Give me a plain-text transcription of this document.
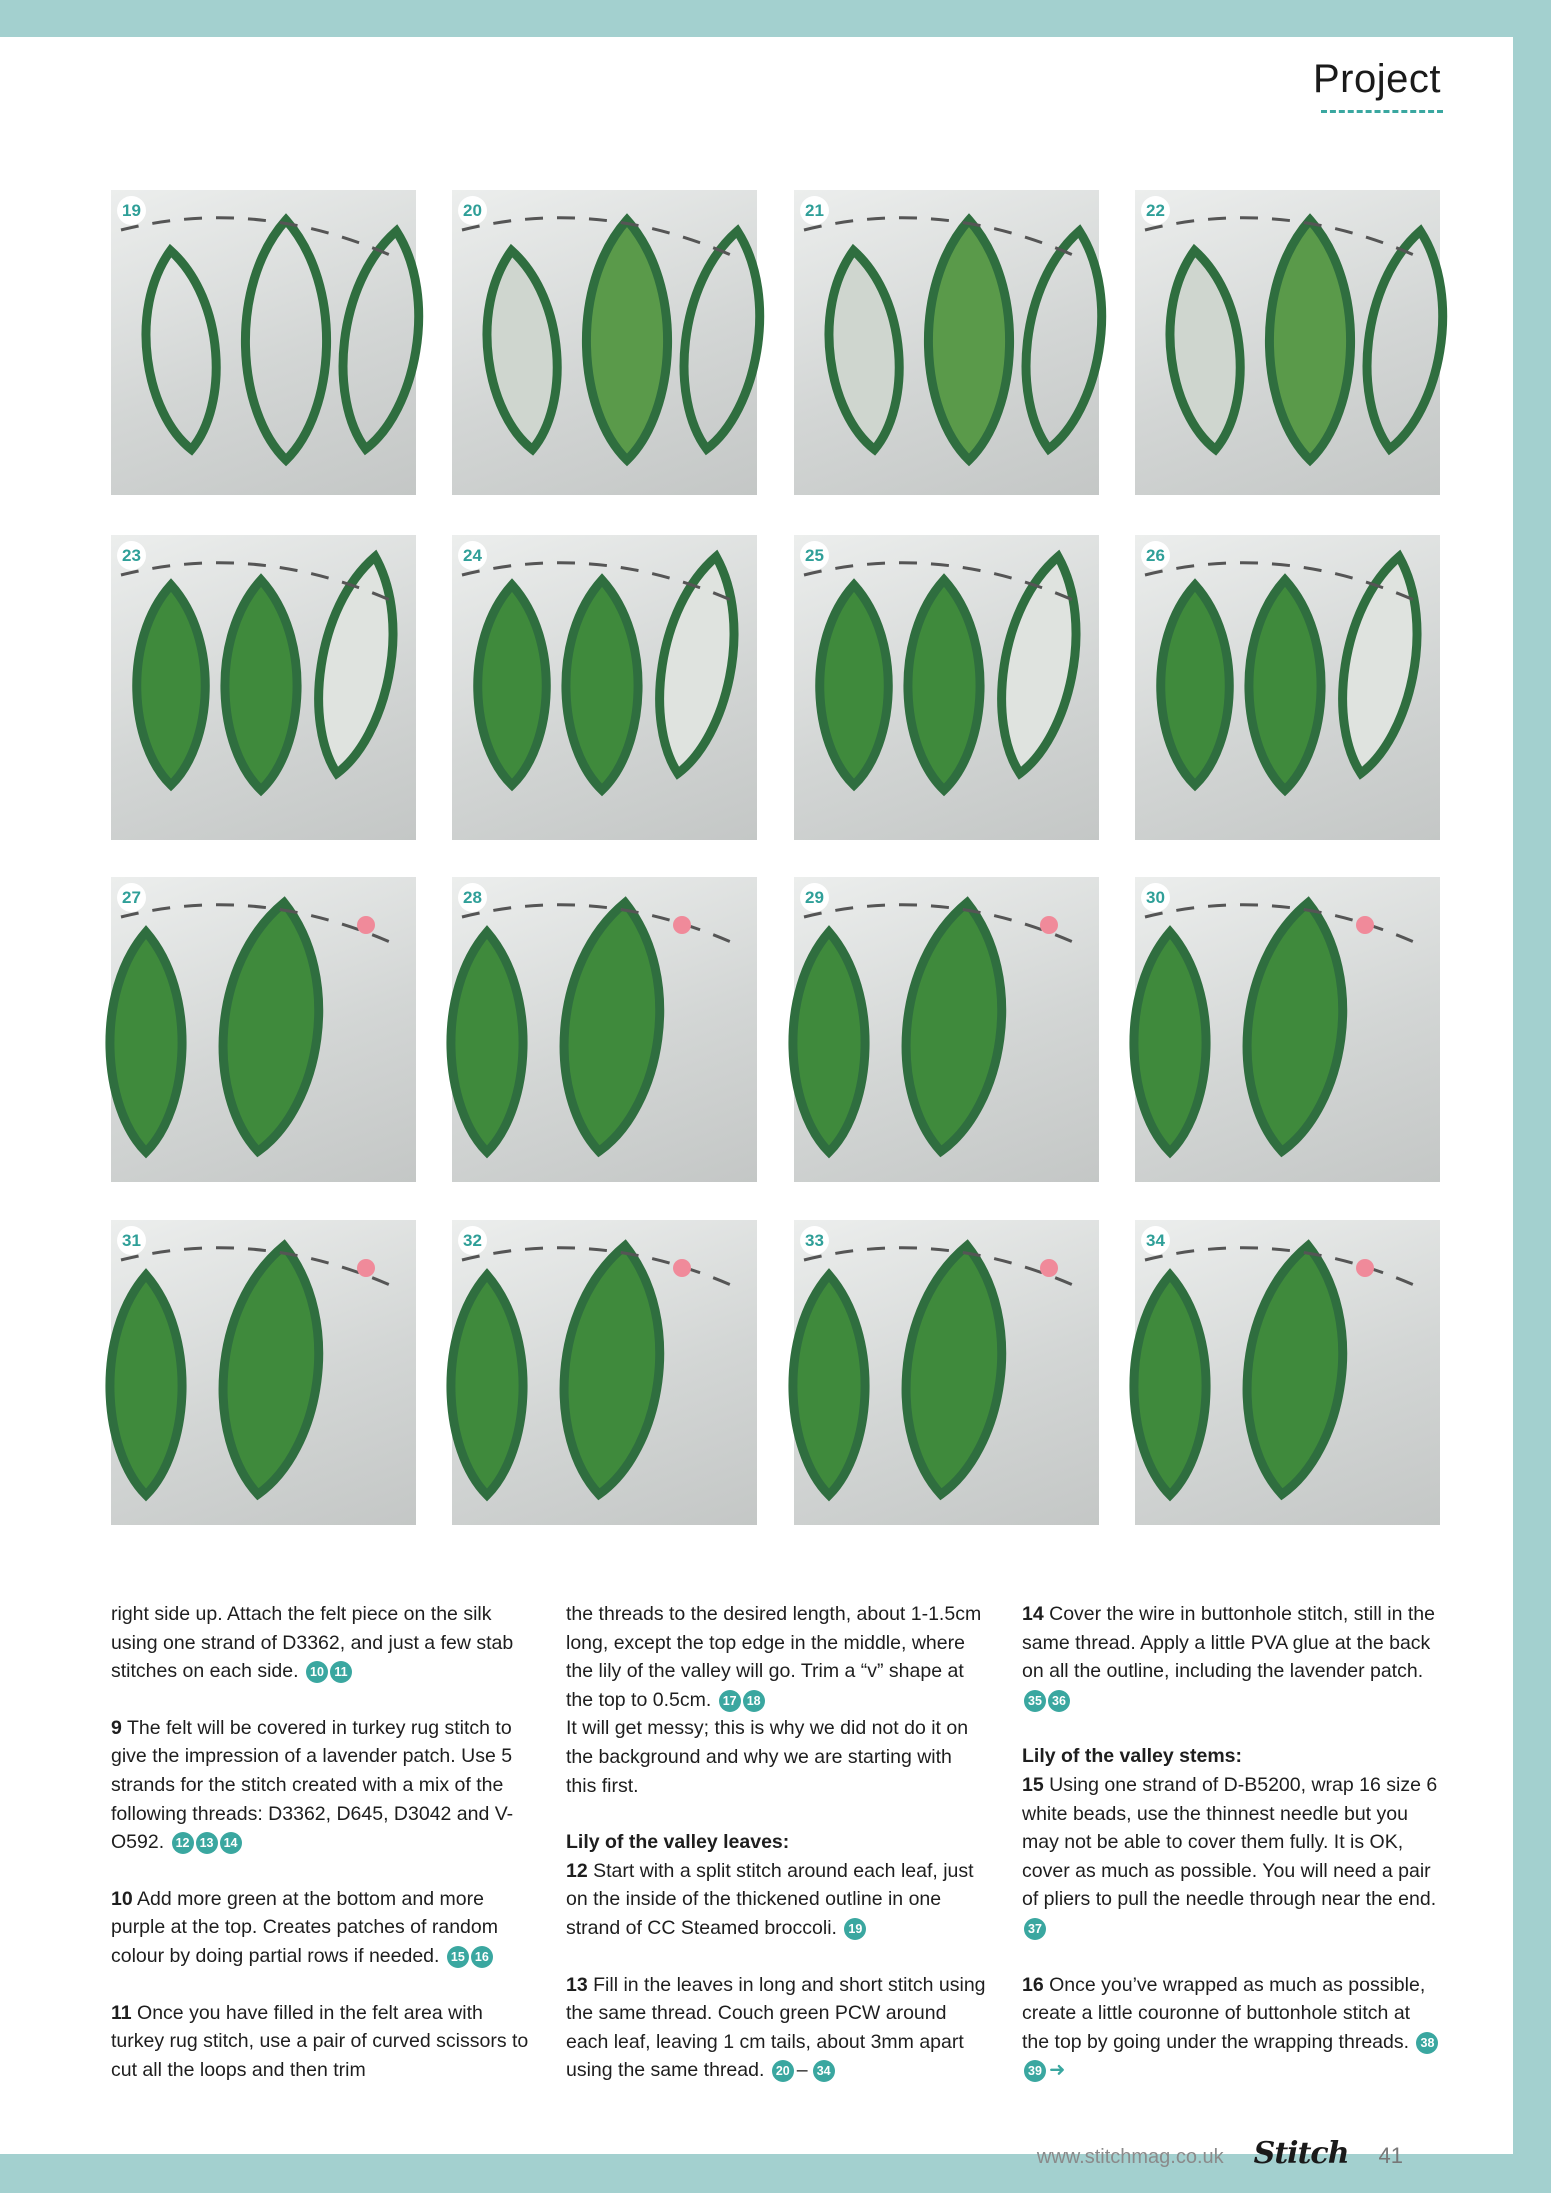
Project
19	20	21	22
23	24	25	26
27	28	29	30
31	32	33	34

right side up. Attach the felt piece on the silk using one strand of D3362, and just a few stab stitches on each side. 10 11

9 The felt will be covered in turkey rug stitch to give the impression of a lavender patch. Use 5 strands for the stitch created with a mix of the following threads: D3362, D645, D3042 and V-O592. 12 13 14

10 Add more green at the bottom and more purple at the top. Creates patches of random colour by doing partial rows if needed. 15 16

11 Once you have filled in the felt area with turkey rug stitch, use a pair of curved scissors to cut all the loops and then trim

the threads to the desired length, about 1-1.5cm long, except the top edge in the middle, where the lily of the valley will go. Trim a “v” shape at the top to 0.5cm. 17 18

It will get messy; this is why we did not do it on the background and why we are starting with this first.

Lily of the valley leaves:

12 Start with a split stitch around each leaf, just on the inside of the thickened outline in one strand of CC Steamed broccoli. 19

13 Fill in the leaves in long and short stitch using the same thread. Couch green PCW around each leaf, leaving 1 cm tails, about 3mm apart using the same thread. 20 – 34

14 Cover the wire in buttonhole stitch, still in the same thread. Apply a little PVA glue at the back on all the outline, including the lavender patch. 35 36

Lily of the valley stems:

15 Using one strand of D-B5200, wrap 16 size 6 white beads, use the thinnest needle but you may not be able to cover them fully. It is OK, cover as much as possible. You will need a pair of pliers to pull the needle through near the end. 37

16 Once you’ve wrapped as much as possible, create a little couronne of buttonhole stitch at the top by going under the wrapping threads. 3839 ➜

www.stitchmag.co.uk Stitch 41
